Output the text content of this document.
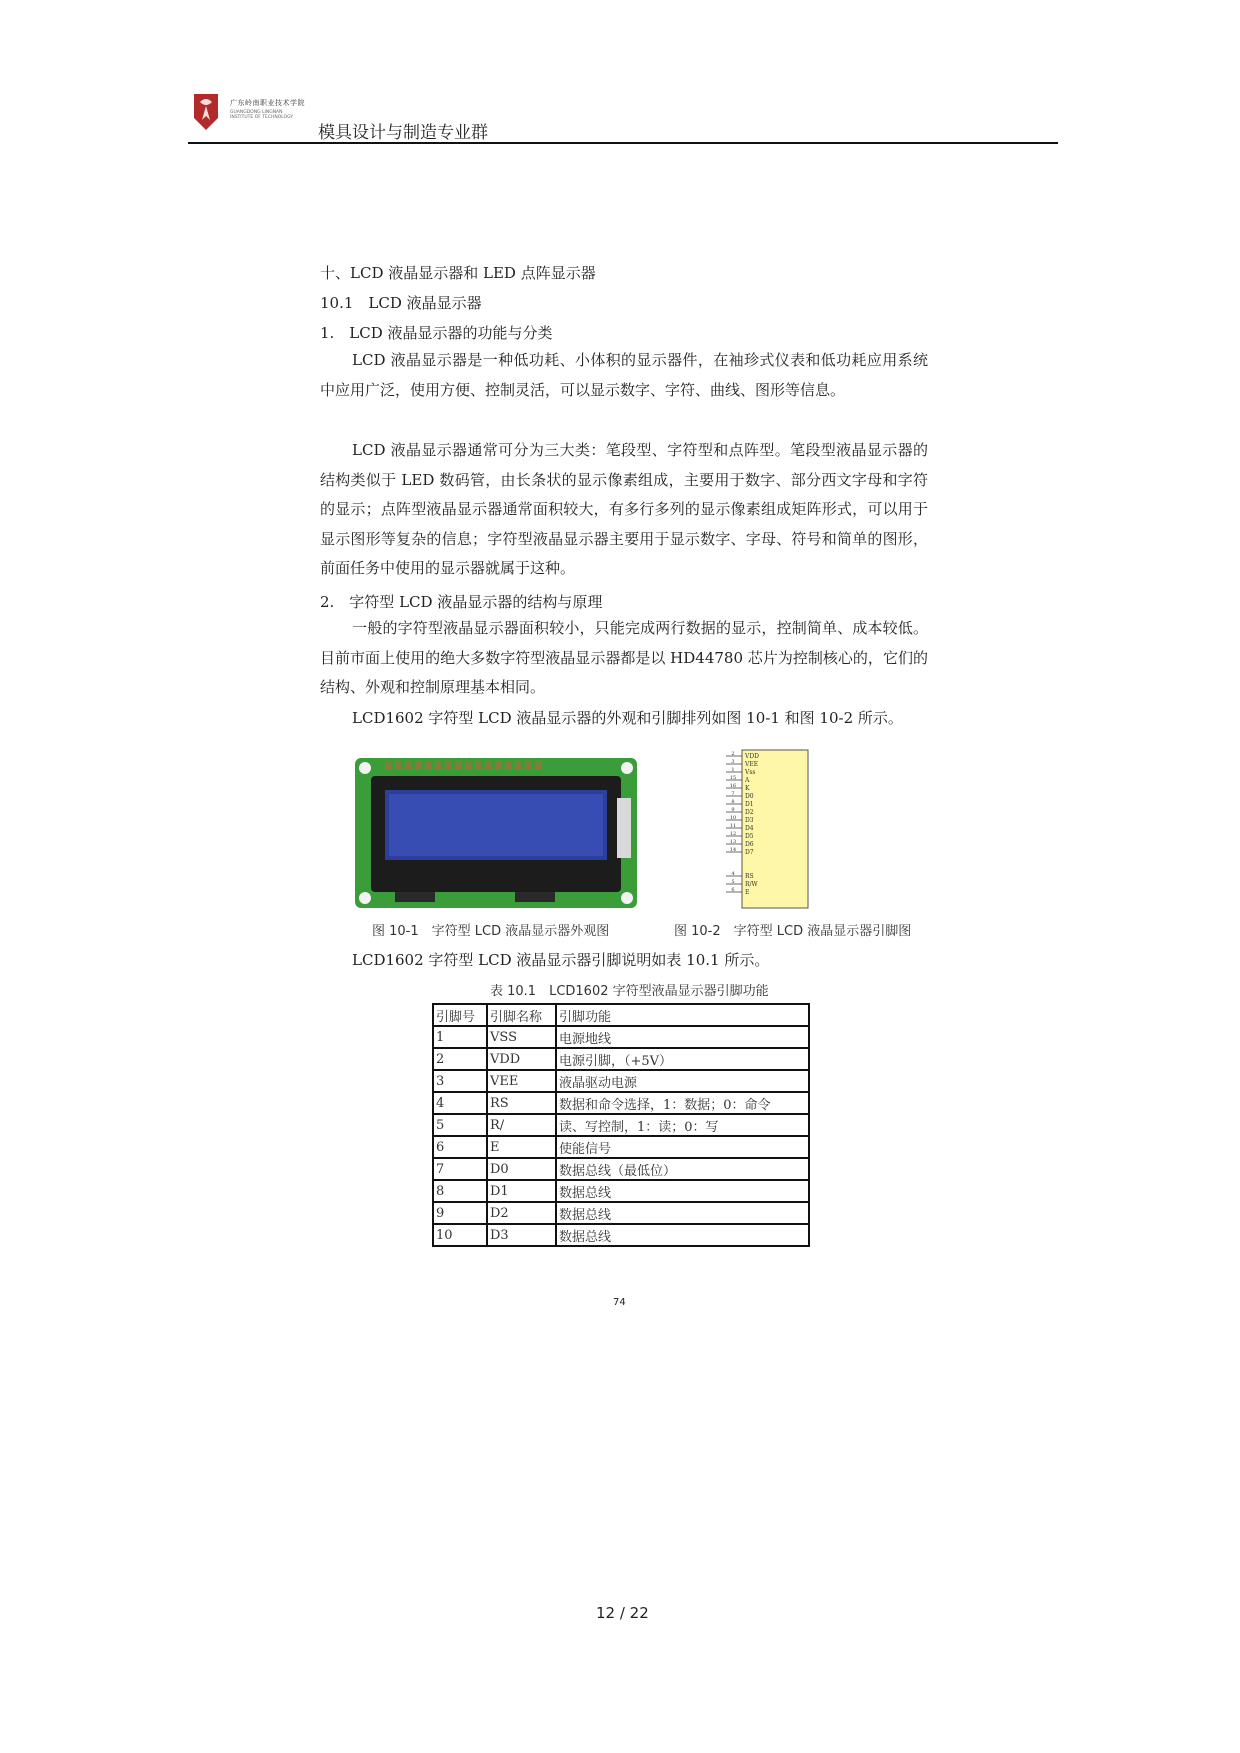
广东岭南职业技术学院
GUANGDONG LINGNAN INSTITUTE OF TECHNOLOGY
模具设计与制造专业群
十、LCD 液晶显示器和 LED 点阵显示器
10.1　LCD 液晶显示器
1.　LCD 液晶显示器的功能与分类
LCD 液晶显示器是一种低功耗、小体积的显示器件，在袖珍式仪表和低功耗应用系统中应用广泛，使用方便、控制灵活，可以显示数字、字符、曲线、图形等信息。
LCD 液晶显示器通常可分为三大类：笔段型、字符型和点阵型。笔段型液晶显示器的结构类似于 LED 数码管，由长条状的显示像素组成，主要用于数字、部分西文字母和字符的显示；点阵型液晶显示器通常面积较大，有多行多列的显示像素组成矩阵形式，可以用于显示图形等复杂的信息；字符型液晶显示器主要用于显示数字、字母、符号和简单的图形，前面任务中使用的显示器就属于这种。
2.　字符型 LCD 液晶显示器的结构与原理
一般的字符型液晶显示器面积较小，只能完成两行数据的显示，控制简单、成本较低。目前市面上使用的绝大多数字符型液晶显示器都是以 HD44780 芯片为控制核心的，它们的结构、外观和控制原理基本相同。
LCD1602 字符型 LCD 液晶显示器的外观和引脚排列如图 10-1 和图 10-2 所示。
2 VDD
3 VEE
1 Vss
15 A
16 K
7 D0
8 D1
9 D2
10 D3
11 D4
12 D5
13 D6
14 D7
4 RS
5 R/W
6 E
图 10-1　字符型 LCD 液晶显示器外观图	图 10-2　字符型 LCD 液晶显示器引脚图
LCD1602 字符型 LCD 液晶显示器引脚说明如表 10.1 所示。
表 10.1　LCD1602 字符型液晶显示器引脚功能
引脚号	引脚名称	引脚功能
1	VSS	电源地线
2	VDD	电源引脚，（+5V）
3	VEE	液晶驱动电源
4	RS	数据和命令选择，1：数据；0：命令
5	R/	读、写控制，1：读；0：写
6	E	使能信号
7	D0	数据总线（最低位）
8	D1	数据总线
9	D2	数据总线
10	D3	数据总线
74
12 / 22
